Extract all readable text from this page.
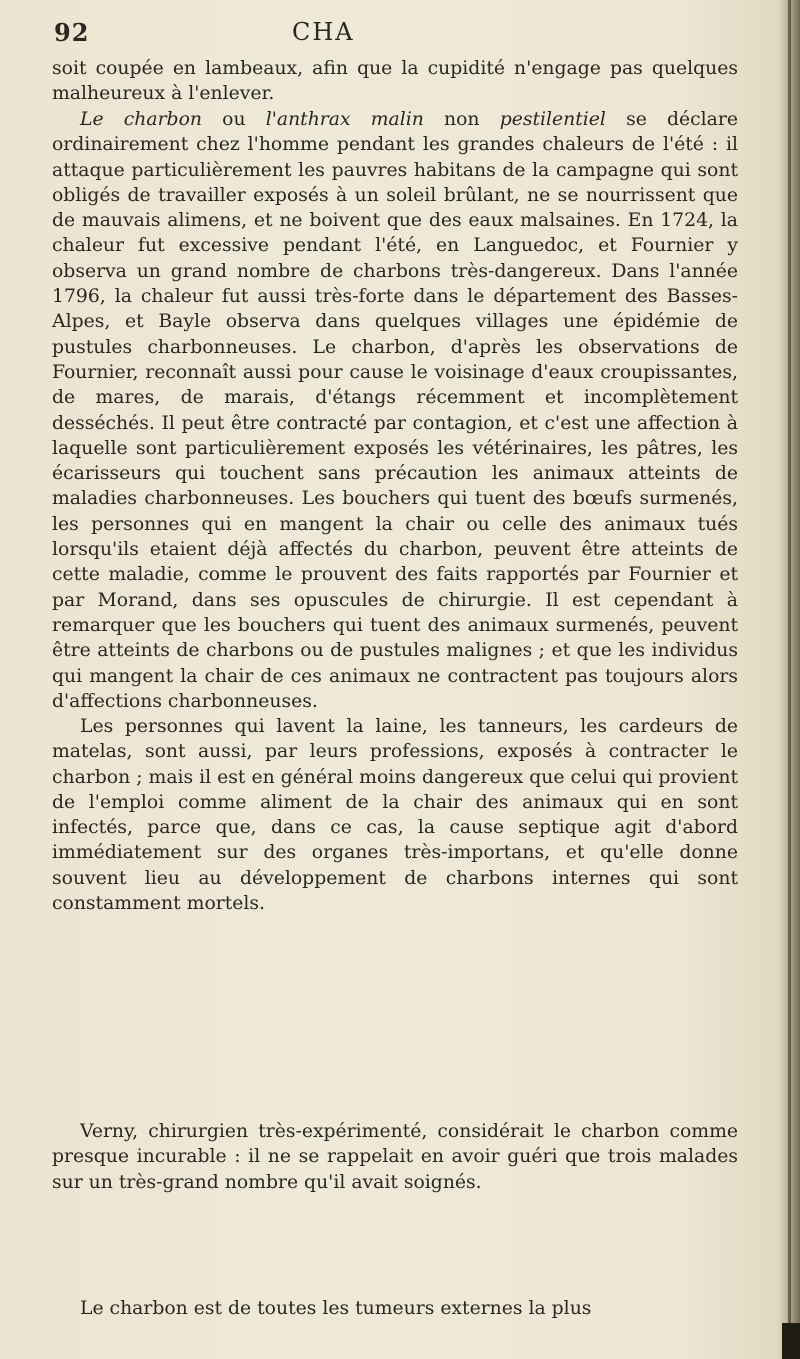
92	CHA

soit coupée en lambeaux, afin que la cupidité n'engage pas quelques malheureux à l'enlever.

Le charbon ou l'anthrax malin non pestilentiel se déclare ordinairement chez l'homme pendant les grandes chaleurs de l'été : il attaque particulièrement les pauvres habitans de la campagne qui sont obligés de travailler exposés à un soleil brûlant, ne se nourrissent que de mauvais alimens, et ne boivent que des eaux malsaines. En 1724, la chaleur fut excessive pendant l'été, en Languedoc, et Fournier y observa un grand nombre de charbons très-dangereux. Dans l'année 1796, la chaleur fut aussi très-forte dans le département des Basses-Alpes, et Bayle observa dans quelques villages une épidémie de pustules charbonneuses. Le charbon, d'après les observations de Fournier, reconnaît aussi pour cause le voisinage d'eaux croupissantes, de mares, de marais, d'étangs récemment et incomplètement desséchés. Il peut être contracté par contagion, et c'est une affection à laquelle sont particulièrement exposés les vétérinaires, les pâtres, les écarisseurs qui touchent sans précaution les animaux atteints de maladies charbonneuses. Les bouchers qui tuent des bœufs surmenés, les personnes qui en mangent la chair ou celle des animaux tués lorsqu'ils etaient déjà affectés du charbon, peuvent être atteints de cette maladie, comme le prouvent des faits rapportés par Fournier et par Morand, dans ses opuscules de chirurgie. Il est cependant à remarquer que les bouchers qui tuent des animaux surmenés, peuvent être atteints de charbons ou de pustules malignes ; et que les individus qui mangent la chair de ces animaux ne contractent pas toujours alors d'affections charbonneuses.

Les personnes qui lavent la laine, les tanneurs, les cardeurs de matelas, sont aussi, par leurs professions, exposés à contracter le charbon ; mais il est en général moins dangereux que celui qui provient de l'emploi comme aliment de la chair des animaux qui en sont infectés, parce que, dans ce cas, la cause septique agit d'abord immédiatement sur des organes très-importans, et qu'elle donne souvent lieu au développement de charbons internes qui sont constamment mortels.

Verny, chirurgien très-expérimenté, considérait le charbon comme presque incurable : il ne se rappelait en avoir guéri que trois malades sur un très-grand nombre qu'il avait soignés.

Le charbon est de toutes les tumeurs externes la plus
